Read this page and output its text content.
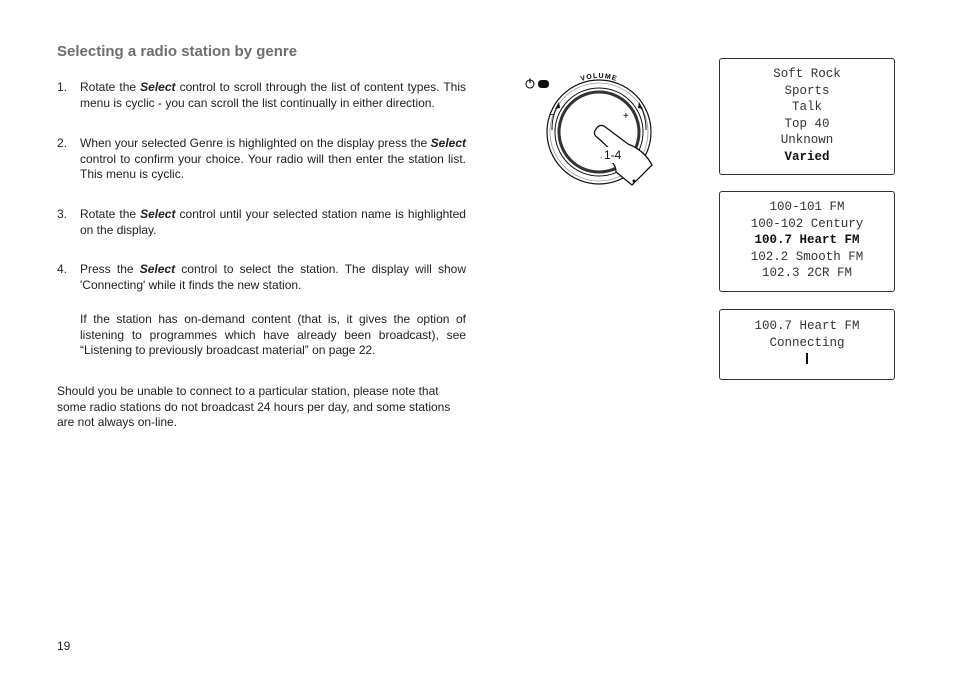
Selecting a radio station by genre
1. Rotate the Select control to scroll through the list of content types. This menu is cyclic - you can scroll the list continually in either direction.
2. When your selected Genre is highlighted on the display press the Select control to confirm your choice. Your radio will then enter the station list. This menu is cyclic.
3. Rotate the Select control until your selected station name is highlighted on the display.
4. Press the Select control to select the station. The display will show 'Connecting' while it finds the new station.
If the station has on-demand content (that is, it gives the option of listening to programmes which have already been broadcast), see “Listening to previously broadcast material” on page 22.
Should you be unable to connect to a particular station, please note that some radio stations do not broadcast 24 hours per day, and some stations are not always on-line.
19
VOLUME
−	+
1-4
Soft Rock
Sports
Talk
Top 40
Unknown
Varied
100-101 FM
100-102 Century
100.7 Heart FM
102.2 Smooth FM
102.3 2CR FM
100.7 Heart FM
Connecting
